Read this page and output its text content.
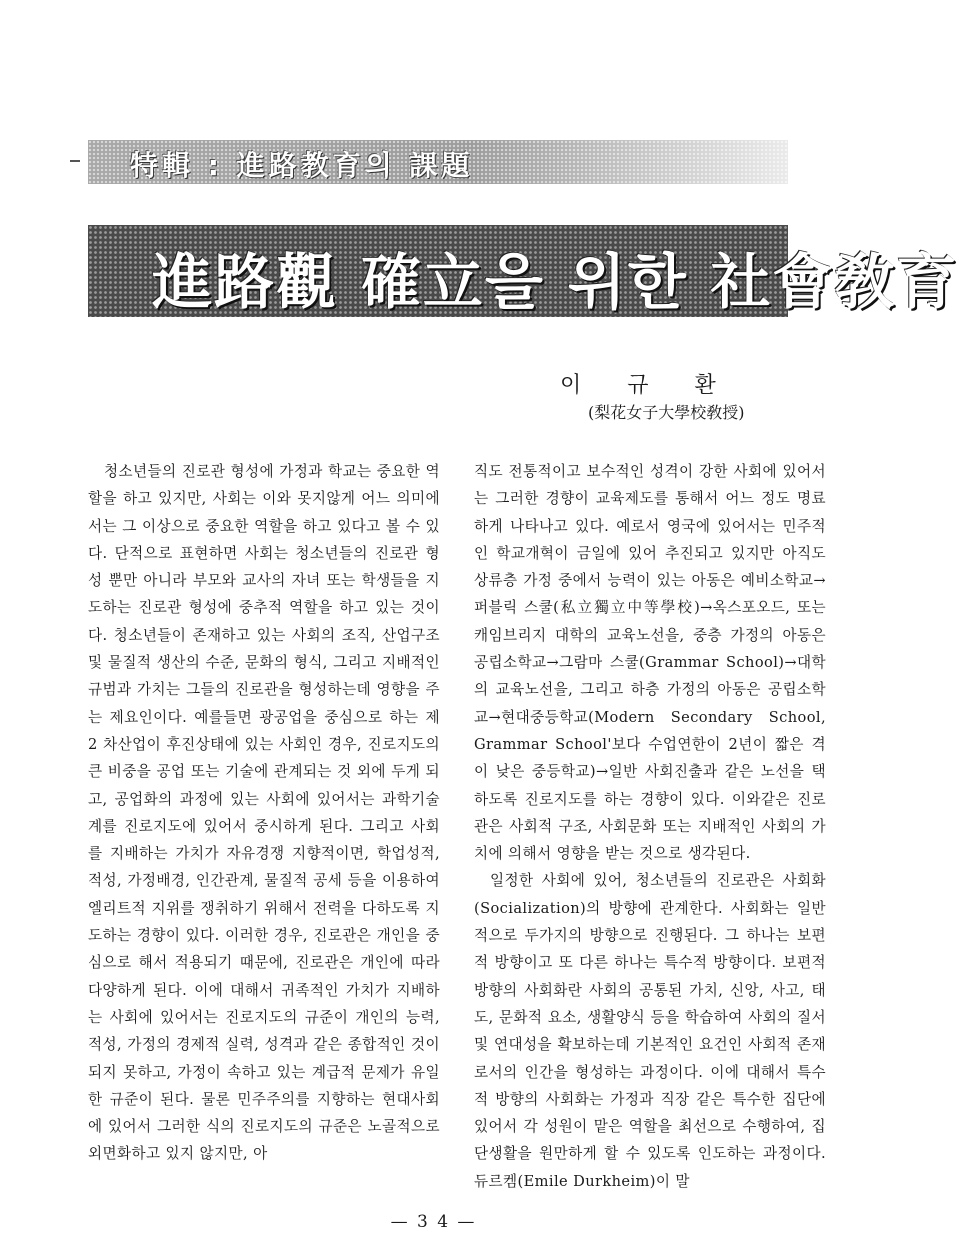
特輯 : 進路教育의 課題
進路觀 確立을 위한 社會敎育
이규환
(梨花女子大學校敎授)

청소년들의 진로관 형성에 가정과 학교는 중요한 역할을 하고 있지만, 사회는 이와 못지않게 어느 의미에서는 그 이상으로 중요한 역할을 하고 있다고 볼 수 있다. 단적으로 표현하면 사회는 청소년들의 진로관 형성 뿐만 아니라 부모와 교사의 자녀 또는 학생들을 지도하는 진로관 형성에 중추적 역할을 하고 있는 것이다. 청소년들이 존재하고 있는 사회의 조직, 산업구조 및 물질적 생산의 수준, 문화의 형식, 그리고 지배적인 규범과 가치는 그들의 진로관을 형성하는데 영향을 주는 제요인이다. 예를들면 광공업을 중심으로 하는 제 2 차산업이 후진상태에 있는 사회인 경우, 진로지도의 큰 비중을 공업 또는 기술에 관계되는 것 외에 두게 되고, 공업화의 과정에 있는 사회에 있어서는 과학기술계를 진로지도에 있어서 중시하게 된다. 그리고 사회를 지배하는 가치가 자유경쟁 지향적이면, 학업성적, 적성, 가정배경, 인간관계, 물질적 공세 등을 이용하여 엘리트적 지위를 쟁취하기 위해서 전력을 다하도록 지도하는 경향이 있다. 이러한 경우, 진로관은 개인을 중심으로 해서 적용되기 때문에, 진로관은 개인에 따라 다양하게 된다. 이에 대해서 귀족적인 가치가 지배하는 사회에 있어서는 진로지도의 규준이 개인의 능력, 적성, 가정의 경제적 실력, 성격과 같은 종합적인 것이 되지 못하고, 가정이 속하고 있는 계급적 문제가 유일한 규준이 된다. 물론 민주주의를 지향하는 현대사회에 있어서 그러한 식의 진로지도의 규준은 노골적으로 외면화하고 있지 않지만, 아

직도 전통적이고 보수적인 성격이 강한 사회에 있어서는 그러한 경향이 교육제도를 통해서 어느 정도 명료하게 나타나고 있다. 예로서 영국에 있어서는 민주적인 학교개혁이 금일에 있어 추진되고 있지만 아직도 상류층 가정 중에서 능력이 있는 아동은 예비소학교→퍼블릭 스쿨(私立獨立中等學校)→옥스포오드, 또는 캐임브리지 대학의 교육노선을, 중층 가정의 아동은 공립소학교→그람마 스쿨(Grammar School)→대학의 교육노선을, 그리고 하층 가정의 아동은 공립소학교→현대중등학교(Modern Secondary School, Grammar School'보다 수업연한이 2년이 짧은 격이 낮은 중등학교)→일반 사회진출과 같은 노선을 택하도록 진로지도를 하는 경향이 있다. 이와같은 진로관은 사회적 구조, 사회문화 또는 지배적인 사회의 가치에 의해서 영향을 받는 것으로 생각된다.

일정한 사회에 있어, 청소년들의 진로관은 사회화(Socialization)의 방향에 관계한다. 사회화는 일반적으로 두가지의 방향으로 진행된다. 그 하나는 보편적 방향이고 또 다른 하나는 특수적 방향이다. 보편적 방향의 사회화란 사회의 공통된 가치, 신앙, 사고, 태도, 문화적 요소, 생활양식 등을 학습하여 사회의 질서 및 연대성을 확보하는데 기본적인 요건인 사회적 존재로서의 인간을 형성하는 과정이다. 이에 대해서 특수적 방향의 사회화는 가정과 직장 같은 특수한 집단에 있어서 각 성원이 맡은 역할을 최선으로 수행하여, 집단생활을 원만하게 할 수 있도록 인도하는 과정이다. 듀르켐(Emile Durkheim)이 말

— 3 4 —
